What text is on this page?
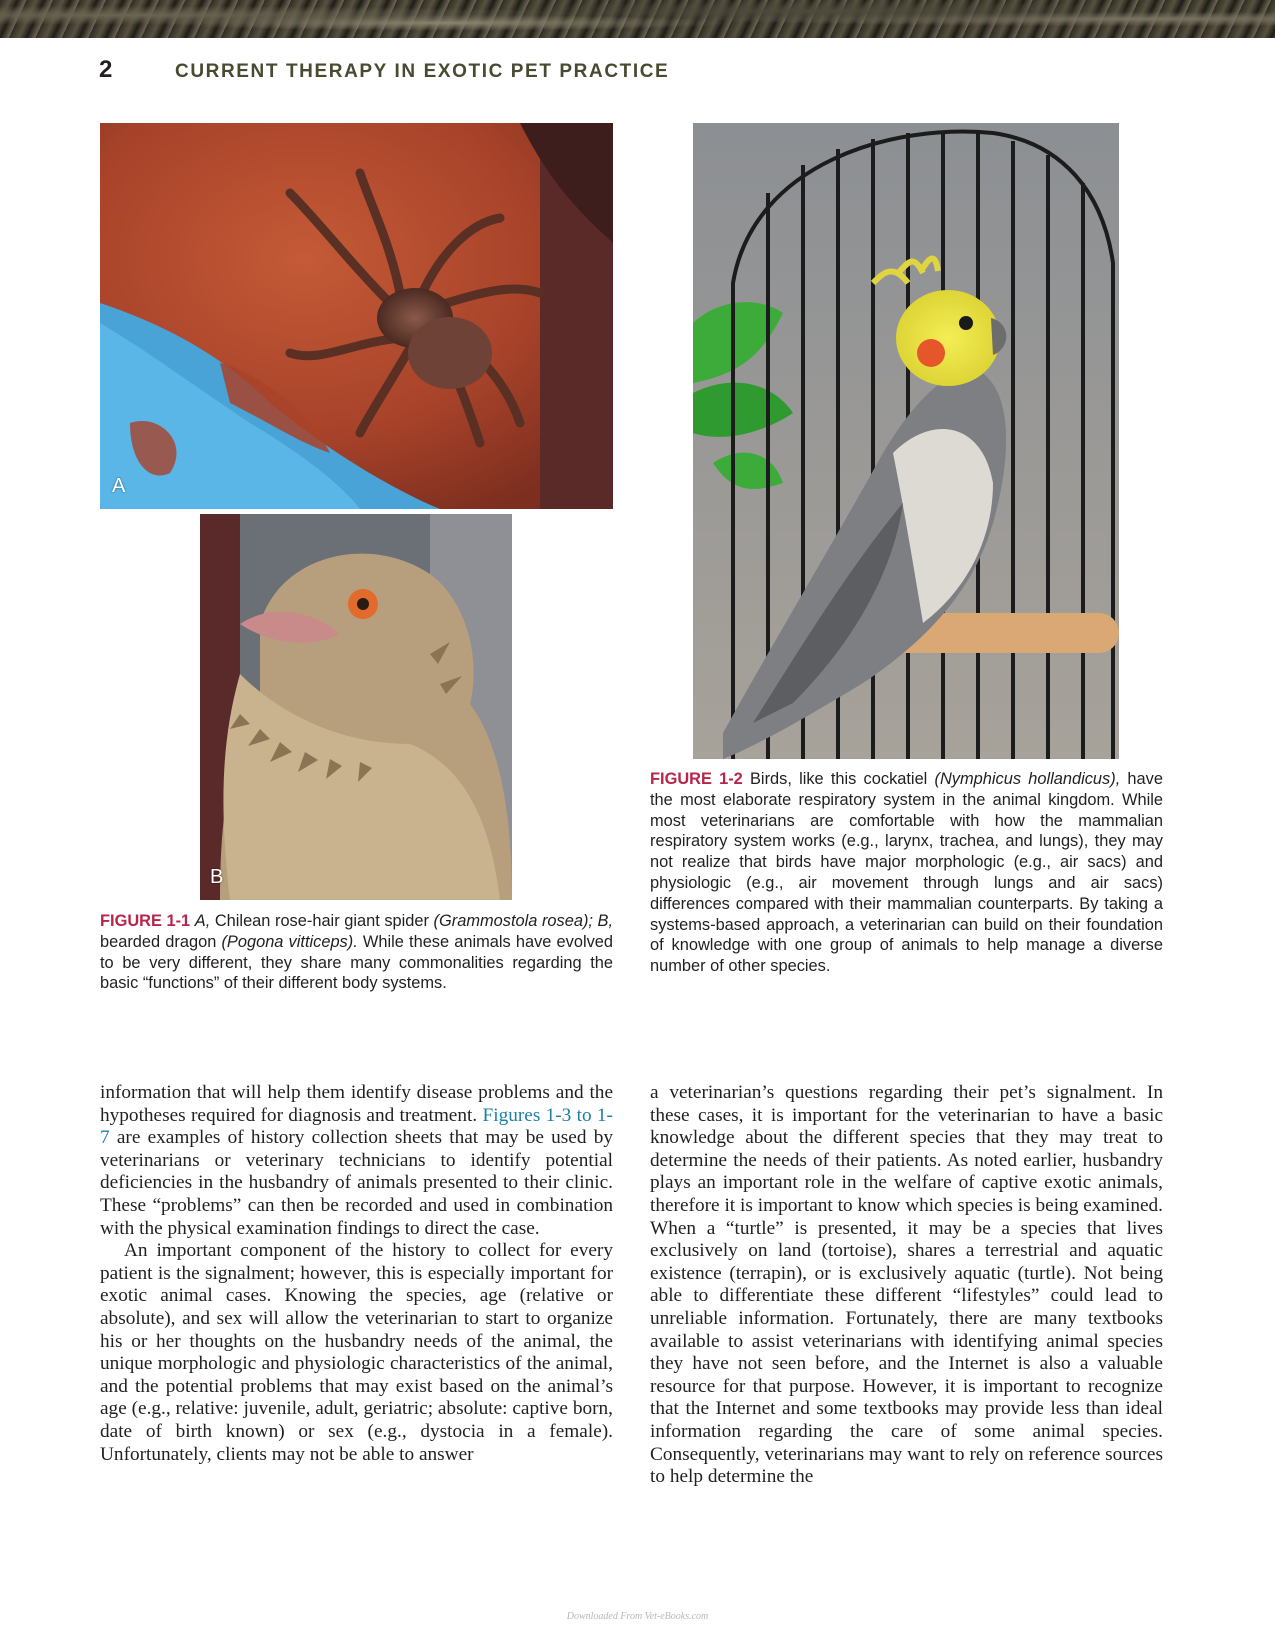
2	CURRENT THERAPY IN EXOTIC PET PRACTICE
A
B
FIGURE 1-1 A, Chilean rose-hair giant spider (Grammostola rosea); B, bearded dragon (Pogona vitticeps). While these animals have evolved to be very different, they share many commonalities regarding the basic “functions” of their different body systems.
FIGURE 1-2 Birds, like this cockatiel (Nymphicus hollandicus), have the most elaborate respiratory system in the animal kingdom. While most veterinarians are comfortable with how the mammalian respiratory system works (e.g., larynx, trachea, and lungs), they may not realize that birds have major morphologic (e.g., air sacs) and physiologic (e.g., air movement through lungs and air sacs) differences compared with their mammalian counterparts. By taking a systems-based approach, a veterinarian can build on their foundation of knowledge with one group of animals to help manage a diverse number of other species.

information that will help them identify disease problems and the hypotheses required for diagnosis and treatment. Figures 1-3 to 1-7 are examples of history collection sheets that may be used by veterinarians or veterinary technicians to identify potential deficiencies in the husbandry of animals presented to their clinic. These “problems” can then be recorded and used in combination with the physical examination findings to direct the case.

An important component of the history to collect for every patient is the signalment; however, this is especially important for exotic animal cases. Knowing the species, age (relative or absolute), and sex will allow the veterinarian to start to organize his or her thoughts on the husbandry needs of the animal, the unique morphologic and physiologic characteristics of the animal, and the potential problems that may exist based on the animal’s age (e.g., relative: juvenile, adult, geriatric; absolute: captive born, date of birth known) or sex (e.g., dystocia in a female). Unfortunately, clients may not be able to answer

a veterinarian’s questions regarding their pet’s signalment. In these cases, it is important for the veterinarian to have a basic knowledge about the different species that they may treat to determine the needs of their patients. As noted earlier, husbandry plays an important role in the welfare of captive exotic animals, therefore it is important to know which species is being examined. When a “turtle” is presented, it may be a species that lives exclusively on land (tortoise), shares a terrestrial and aquatic existence (terrapin), or is exclusively aquatic (turtle). Not being able to differentiate these different “lifestyles” could lead to unreliable information. Fortunately, there are many textbooks available to assist veterinarians with identifying animal species they have not seen before, and the Internet is also a valuable resource for that purpose. However, it is important to recognize that the Internet and some textbooks may provide less than ideal information regarding the care of some animal species. Consequently, veterinarians may want to rely on reference sources to help determine the

Downloaded From Vet-eBooks.com
